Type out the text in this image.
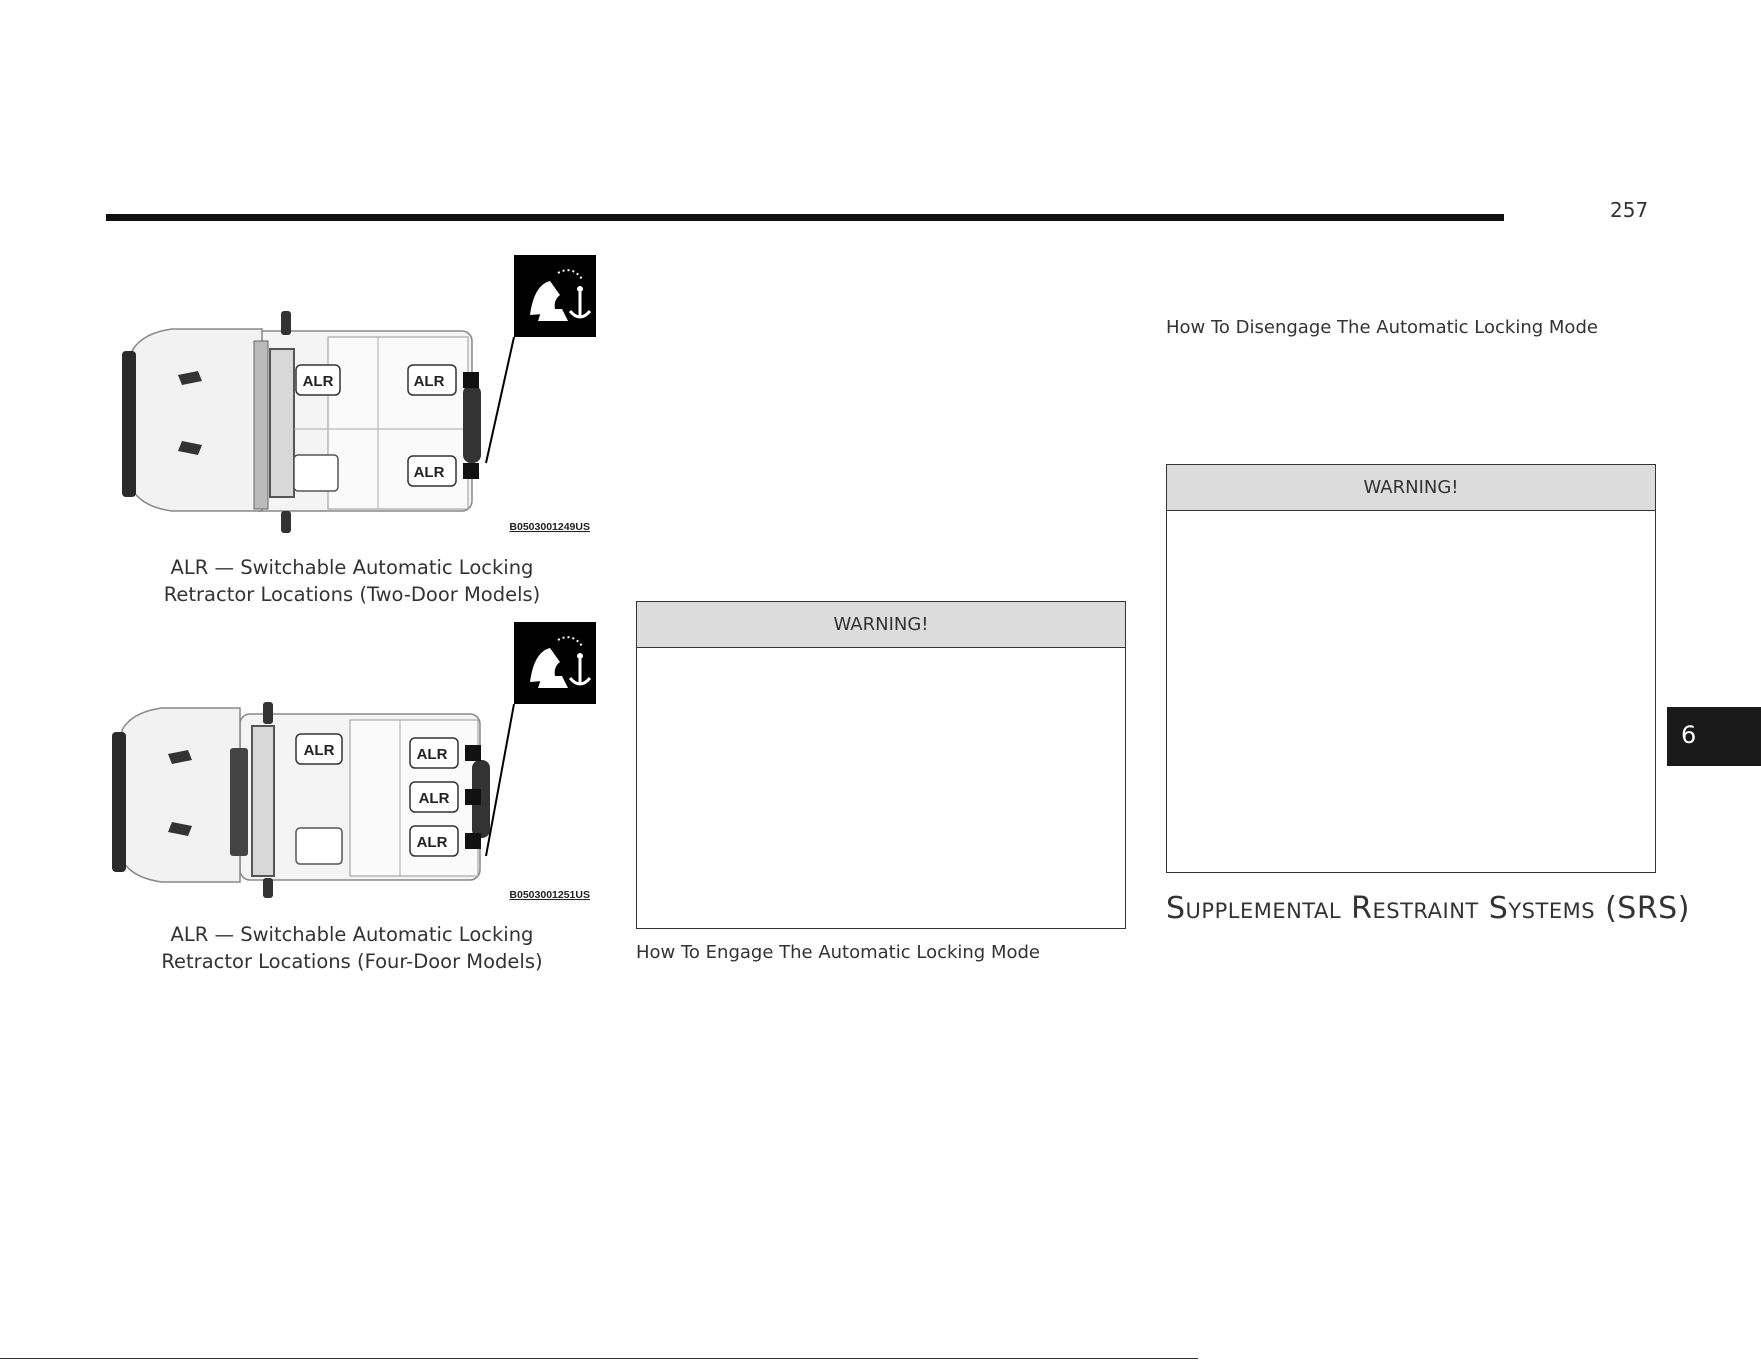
257
ALR	ALR
ALR
B0503001249US
ALR — Switchable Automatic Locking
Retractor Locations (Two-Door Models)
ALR	ALR
ALR
ALR
B0503001251US
ALR — Switchable Automatic Locking
Retractor Locations (Four-Door Models)
WARNING!
How To Engage The Automatic Locking Mode
How To Disengage The Automatic Locking Mode
WARNING!
Supplemental Restraint Systems (SRS)
6
